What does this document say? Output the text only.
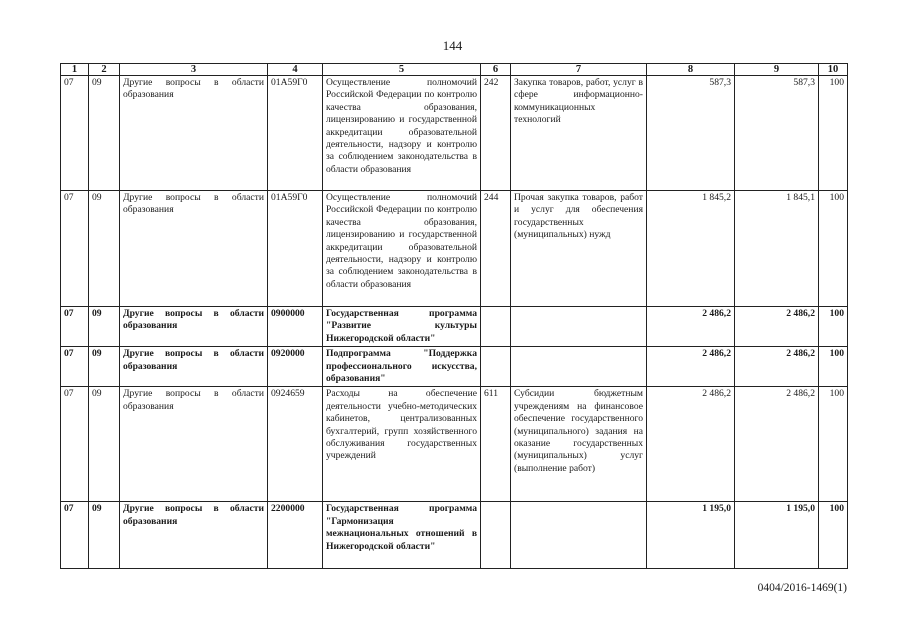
144
1	2	3	4	5	6	7	8	9	10
07	09	Другие вопросы в области образования	01А59Г0	Осуществление полномочий Российской Федерации по контролю качества образования, лицензированию и государственной аккредитации образовательной деятельности, надзору и контролю за соблюдением законодательства в области образования	242	Закупка товаров, работ, услуг в сфере информационно-коммуникационных технологий	587,3	587,3	100
07	09	Другие вопросы в области образования	01А59Г0	Осуществление полномочий Российской Федерации по контролю качества образования, лицензированию и государственной аккредитации образовательной деятельности, надзору и контролю за соблюдением законодательства в области образования	244	Прочая закупка товаров, работ и услуг для обеспечения государственных (муниципальных) нужд	1 845,2	1 845,1	100
07	09	Другие вопросы в области образования	0900000	Государственная программа "Развитие культуры Нижегородской области"			2 486,2	2 486,2	100
07	09	Другие вопросы в области образования	0920000	Подпрограмма "Поддержка профессионального искусства, образования"			2 486,2	2 486,2	100
07	09	Другие вопросы в области образования	0924659	Расходы на обеспечение деятельности учебно-методических кабинетов, централизованных бухгалтерий, групп хозяйственного обслуживания государственных учреждений	611	Субсидии бюджетным учреждениям на финансовое обеспечение государственного (муниципального) задания на оказание государственных (муниципальных) услуг (выполнение работ)	2 486,2	2 486,2	100
07	09	Другие вопросы в области образования	2200000	Государственная программа "Гармонизация межнациональных отношений в Нижегородской области"			1 195,0	1 195,0	100
0404/2016-1469(1)
